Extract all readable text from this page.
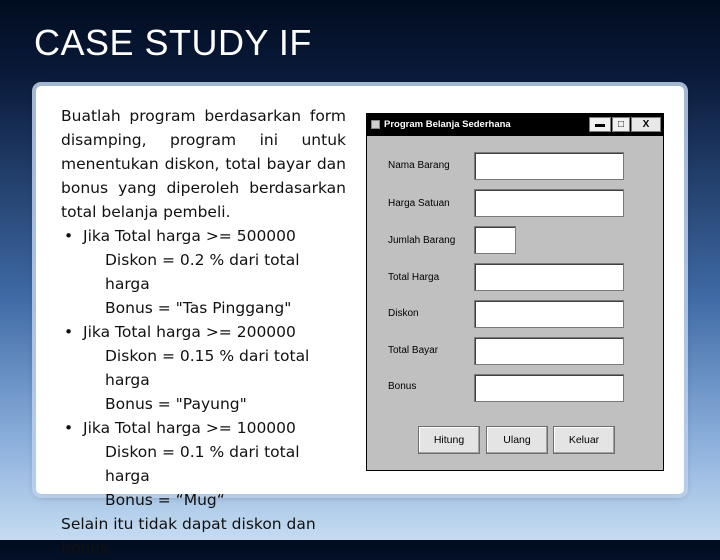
CASE STUDY IF
Buatlah program berdasarkan form disamping, program ini untuk menentukan diskon, total bayar dan bonus yang diperoleh berdasarkan total belanja pembeli.
• Jika Total harga >= 500000
Diskon = 0.2 % dari total harga
Bonus = "Tas Pinggang"
• Jika Total harga >= 200000
Diskon = 0.15 % dari total harga
Bonus = "Payung"
• Jika Total harga >= 100000
Diskon = 0.1 % dari total harga
Bonus = “Mug“
Selain itu tidak dapat diskon dan bonus
Program Belanja Sederhana	▬	□	X
Nama Barang
Harga Satuan
Jumlah Barang
Total Harga
Diskon
Total Bayar
Bonus
Hitung	Ulang	Keluar
